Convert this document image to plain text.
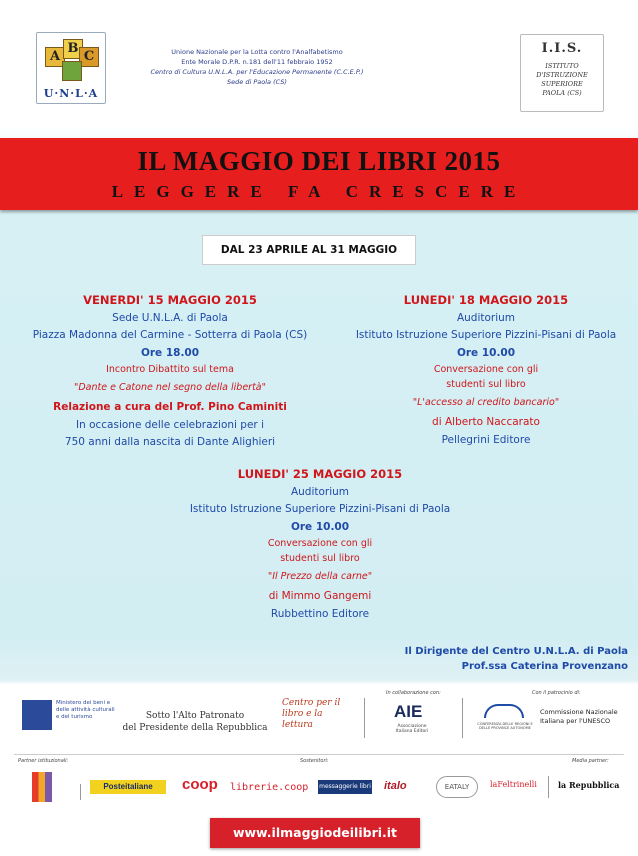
A
B
C
U·N·L·A
Unione Nazionale per la Lotta contro l'Analfabetismo
Ente Morale D.P.R. n.181 dell'11 febbraio 1952
Centro di Cultura U.N.L.A. per l'Educazione Permanente (C.C.E.P.)
Sede di Paola (CS)
I.I.S.
ISTITUTO
D'ISTRUZIONE
SUPERIORE
PAOLA (CS)
IL MAGGIO DEI LIBRI 2015
LEGGERE FA CRESCERE
DAL 23 APRILE AL 31 MAGGIO
VENERDI' 15 MAGGIO 2015
Sede U.N.L.A. di Paola
Piazza Madonna del Carmine - Sotterra di Paola (CS)
Ore 18.00
Incontro Dibattito sul tema
"Dante e Catone nel segno della libertà"
Relazione a cura del Prof. Pino Caminiti
In occasione delle celebrazioni per i
750 anni dalla nascita di Dante Alighieri
LUNEDI' 18 MAGGIO 2015
Auditorium
Istituto Istruzione Superiore Pizzini-Pisani di Paola
Ore 10.00
Conversazione con gli
studenti sul libro
"L'accesso al credito bancario"
di Alberto Naccarato
Pellegrini Editore
LUNEDI' 25 MAGGIO 2015
Auditorium
Istituto Istruzione Superiore Pizzini-Pisani di Paola
Ore 10.00
Conversazione con gli
studenti sul libro
"Il Prezzo della carne"
di Mimmo Gangemi
Rubbettino Editore
Il Dirigente del Centro U.N.L.A. di Paola
Prof.ssa Caterina Provenzano
Ministero dei beni e delle attività culturali e del turismo	Sotto l'Alto Patronato
del Presidente della Repubblica
Centro per il libro e la lettura
In collaborazione con:
AIE
Associazione Italiana Editori
CONFERENZA DELLE REGIONI E DELLE PROVINCE AUTONOME
Con il patrocinio di:
Commissione Nazionale
Italiana per l'UNESCO
Partner istituzionali:	Sostenitori:	Media partner:
Posteitaliane	coop librerie.coop messaggerie libri italo	EATALY	laFeltrinelli	la Repubblica
www.ilmaggiodeilibri.it
